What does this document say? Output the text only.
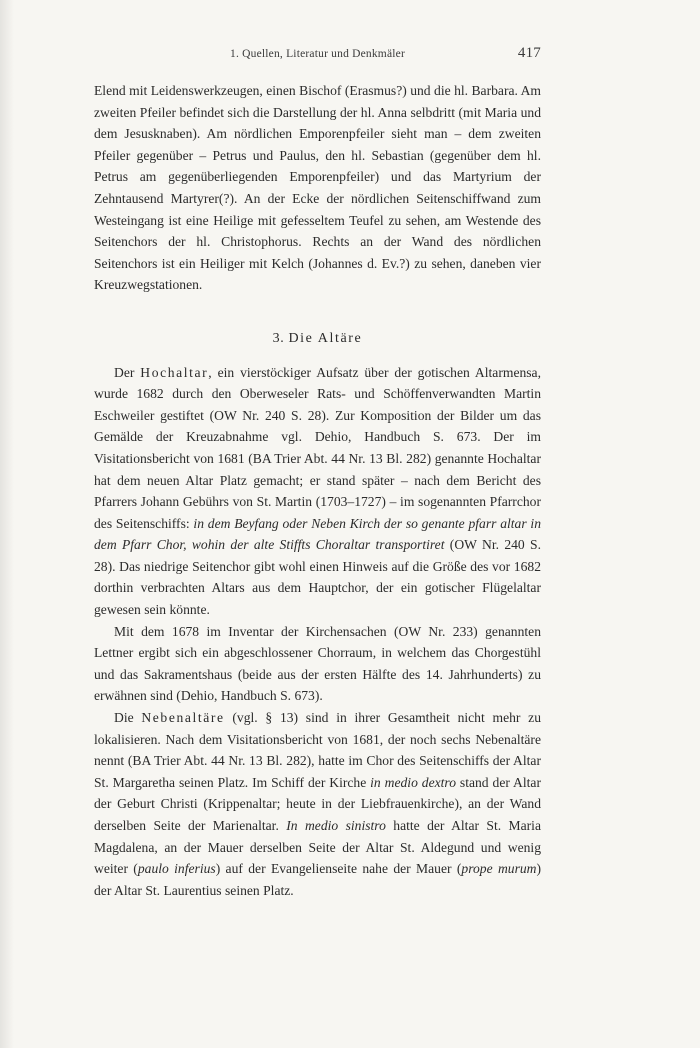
1. Quellen, Literatur und Denkmäler	417

Elend mit Leidenswerkzeugen, einen Bischof (Erasmus?) und die hl. Barbara. Am zweiten Pfeiler befindet sich die Darstellung der hl. Anna selbdritt (mit Maria und dem Jesusknaben). Am nördlichen Emporenpfeiler sieht man – dem zweiten Pfeiler gegenüber – Petrus und Paulus, den hl. Sebastian (gegenüber dem hl. Petrus am gegenüberliegenden Emporenpfeiler) und das Martyrium der Zehntausend Martyrer(?). An der Ecke der nördlichen Seitenschiffwand zum Westeingang ist eine Heilige mit gefesseltem Teufel zu sehen, am Westende des Seitenchors der hl. Christophorus. Rechts an der Wand des nördlichen Seitenchors ist ein Heiliger mit Kelch (Johannes d. Ev.?) zu sehen, daneben vier Kreuzwegstationen.

3. Die Altäre

Der Hochaltar, ein vierstöckiger Aufsatz über der gotischen Altarmensa, wurde 1682 durch den Oberweseler Rats- und Schöffenverwandten Martin Eschweiler gestiftet (OW Nr. 240 S. 28). Zur Komposition der Bilder um das Gemälde der Kreuzabnahme vgl. Dehio, Handbuch S. 673. Der im Visitationsbericht von 1681 (BA Trier Abt. 44 Nr. 13 Bl. 282) genannte Hochaltar hat dem neuen Altar Platz gemacht; er stand später – nach dem Bericht des Pfarrers Johann Gebührs von St. Martin (1703–1727) – im sogenannten Pfarrchor des Seitenschiffs: in dem Beyfang oder Neben Kirch der so genante pfarr altar in dem Pfarr Chor, wohin der alte Stiffts Choraltar transportiret (OW Nr. 240 S. 28). Das niedrige Seitenchor gibt wohl einen Hinweis auf die Größe des vor 1682 dorthin verbrachten Altars aus dem Hauptchor, der ein gotischer Flügelaltar gewesen sein könnte.

Mit dem 1678 im Inventar der Kirchensachen (OW Nr. 233) genannten Lettner ergibt sich ein abgeschlossener Chorraum, in welchem das Chorgestühl und das Sakramentshaus (beide aus der ersten Hälfte des 14. Jahrhunderts) zu erwähnen sind (Dehio, Handbuch S. 673).

Die Nebenaltäre (vgl. § 13) sind in ihrer Gesamtheit nicht mehr zu lokalisieren. Nach dem Visitationsbericht von 1681, der noch sechs Nebenaltäre nennt (BA Trier Abt. 44 Nr. 13 Bl. 282), hatte im Chor des Seitenschiffs der Altar St. Margaretha seinen Platz. Im Schiff der Kirche in medio dextro stand der Altar der Geburt Christi (Krippenaltar; heute in der Liebfrauenkirche), an der Wand derselben Seite der Marienaltar. In medio sinistro hatte der Altar St. Maria Magdalena, an der Mauer derselben Seite der Altar St. Aldegund und wenig weiter (paulo inferius) auf der Evangelienseite nahe der Mauer (prope murum) der Altar St. Laurentius seinen Platz.
